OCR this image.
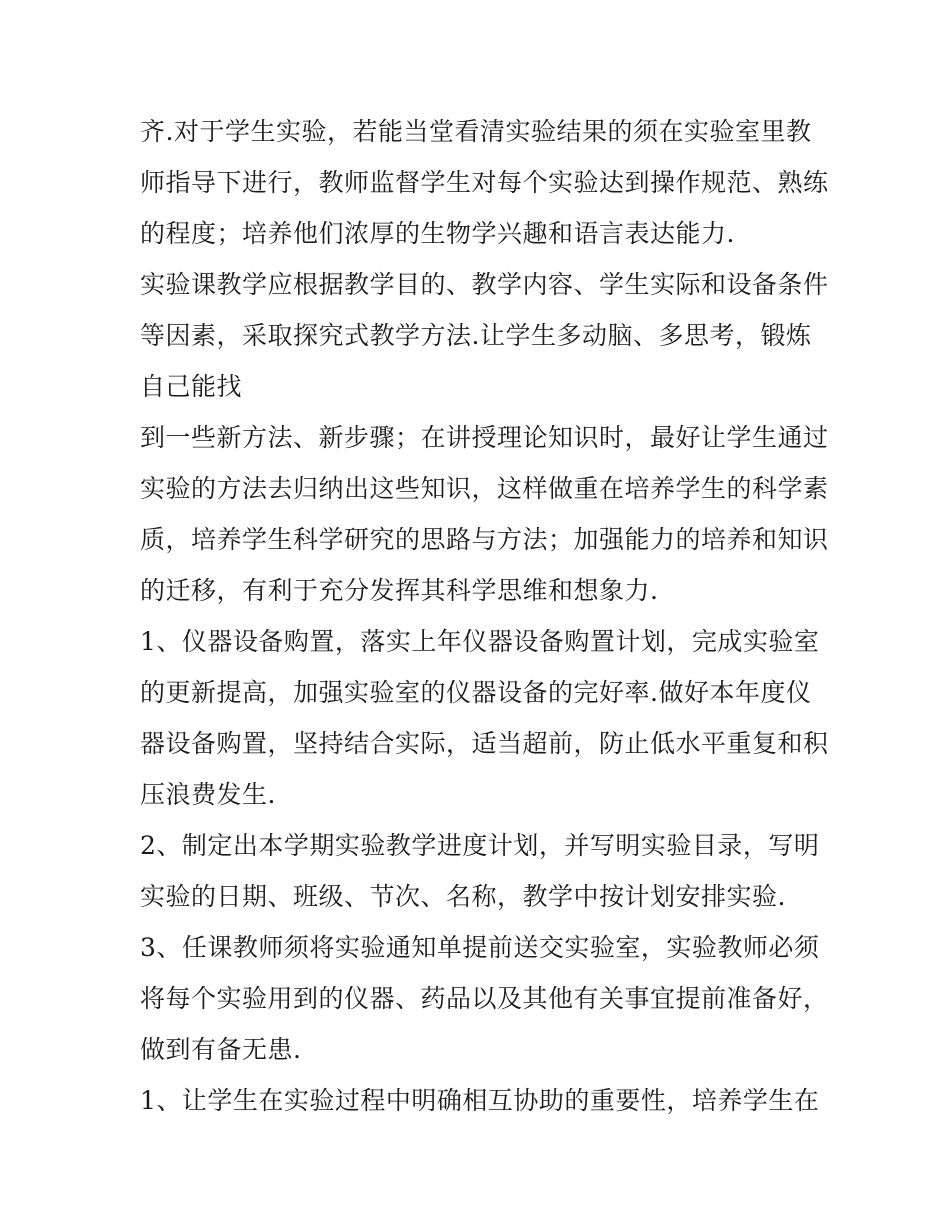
齐.对于学生实验，若能当堂看清实验结果的须在实验室里教
师指导下进行，教师监督学生对每个实验达到操作规范、熟练
的程度；培养他们浓厚的生物学兴趣和语言表达能力.
实验课教学应根据教学目的、教学内容、学生实际和设备条件
等因素，采取探究式教学方法.让学生多动脑、多思考，锻炼
自己能找
到一些新方法、新步骤；在讲授理论知识时，最好让学生通过
实验的方法去归纳出这些知识，这样做重在培养学生的科学素
质，培养学生科学研究的思路与方法；加强能力的培养和知识
的迁移，有利于充分发挥其科学思维和想象力.
1、仪器设备购置，落实上年仪器设备购置计划，完成实验室
的更新提高，加强实验室的仪器设备的完好率.做好本年度仪
器设备购置，坚持结合实际，适当超前，防止低水平重复和积
压浪费发生.
2、制定出本学期实验教学进度计划，并写明实验目录，写明
实验的日期、班级、节次、名称，教学中按计划安排实验.
3、任课教师须将实验通知单提前送交实验室，实验教师必须
将每个实验用到的仪器、药品以及其他有关事宜提前准备好，
做到有备无患.
1、让学生在实验过程中明确相互协助的重要性，培养学生在
